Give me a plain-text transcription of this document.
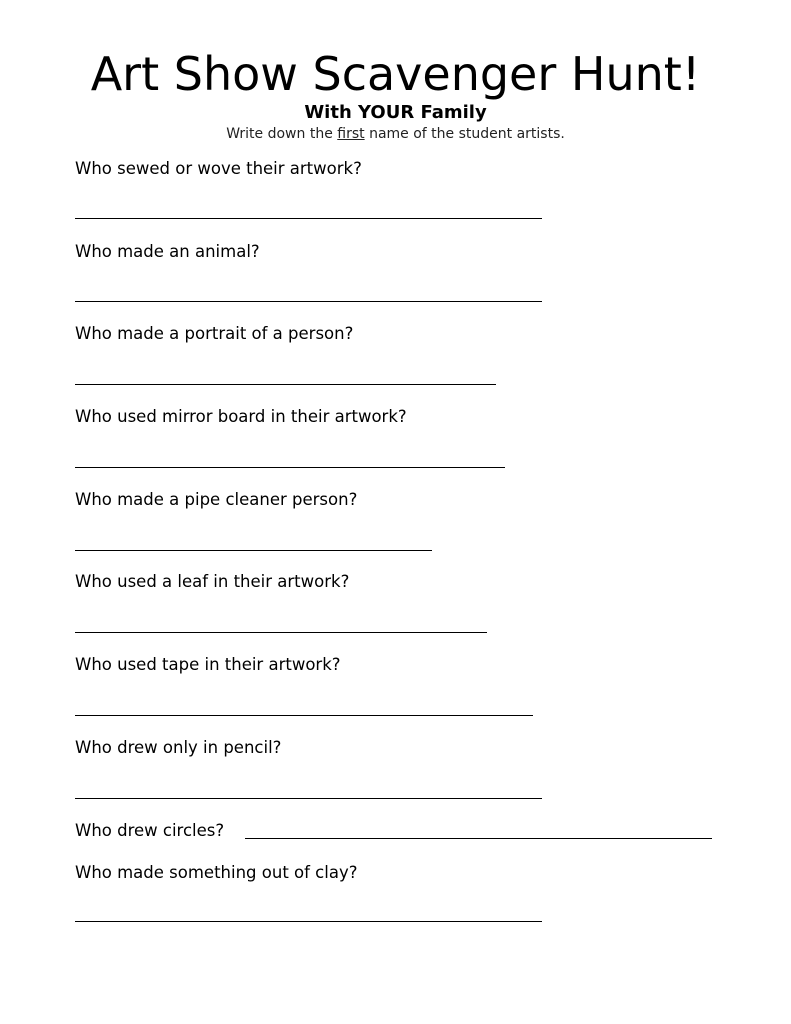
Art Show Scavenger Hunt!
With YOUR Family
Write down the first name of the student artists.
Who sewed or wove their artwork?
Who made an animal?
Who made a portrait of a person?
Who used mirror board in their artwork?
Who made a pipe cleaner person?
Who used a leaf in their artwork?
Who used tape in their artwork?
Who drew only in pencil?
Who drew circles?
Who made something out of clay?
